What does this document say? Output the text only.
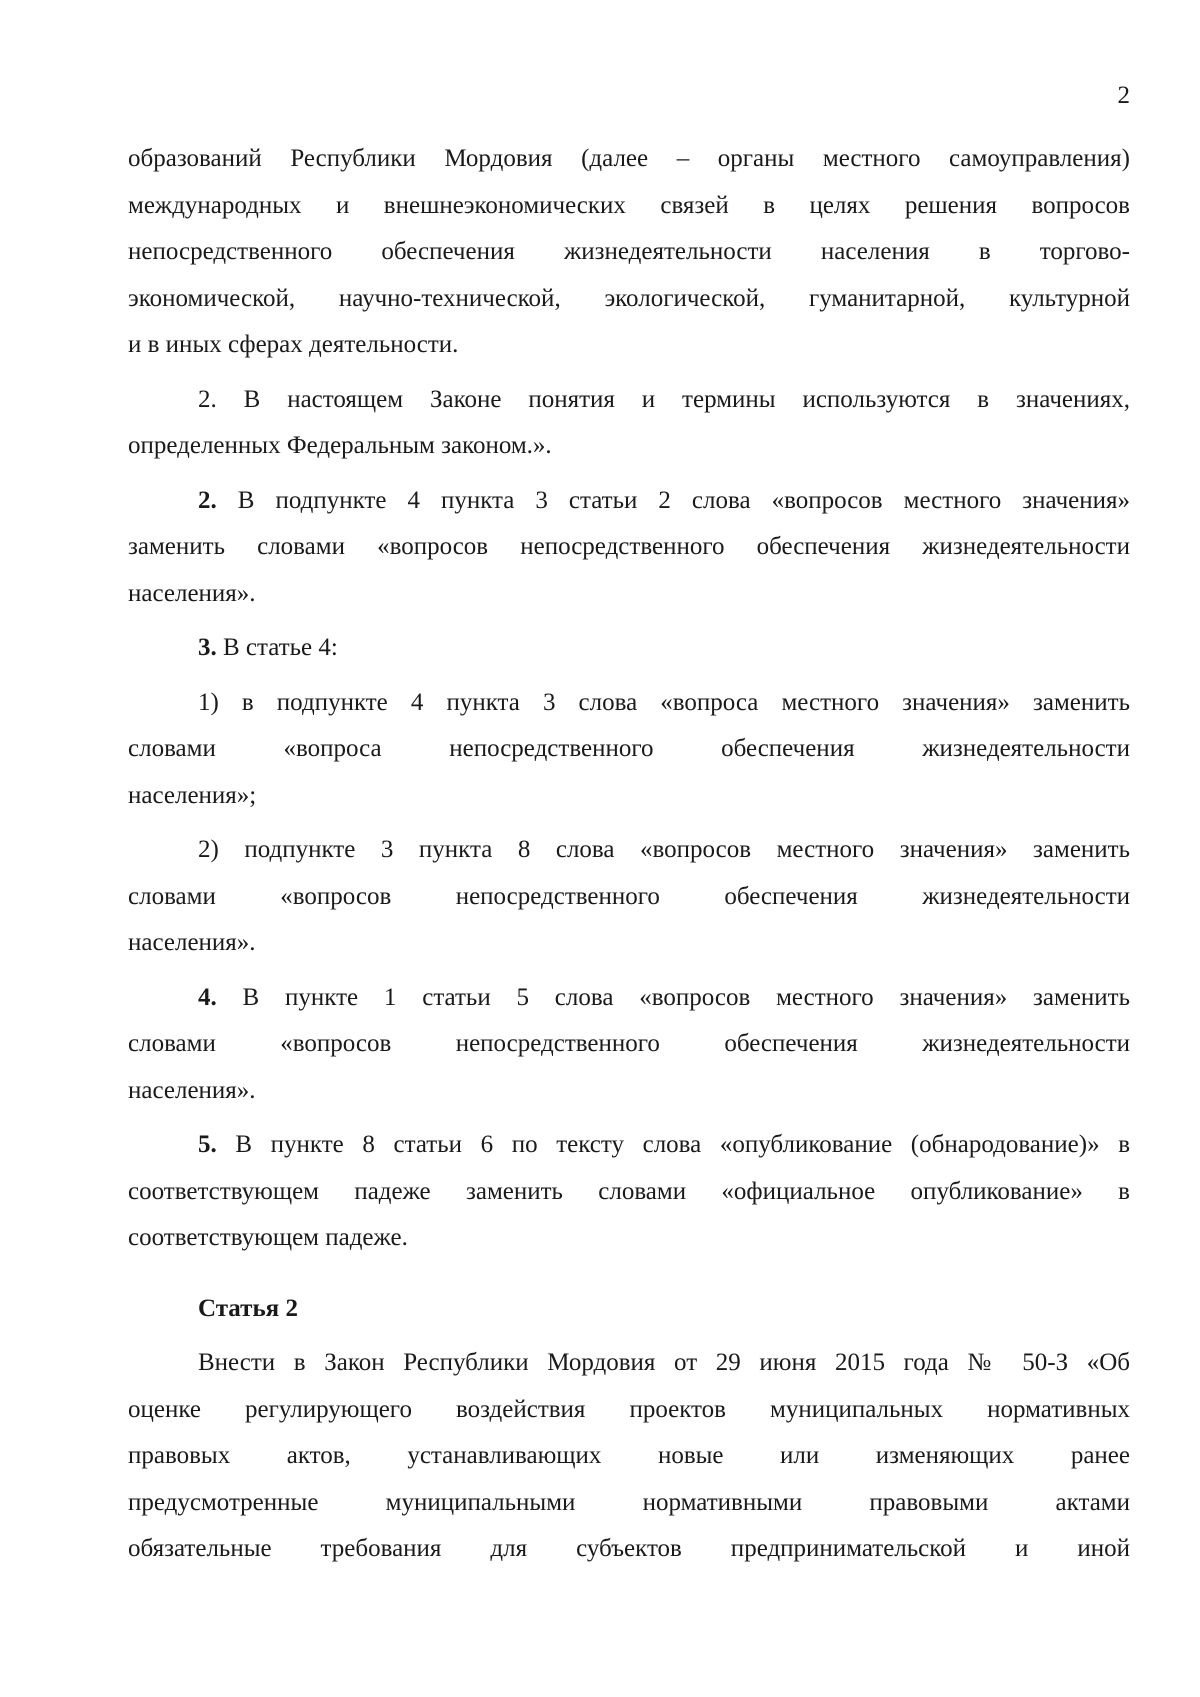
2
образований Республики Мордовия (далее – органы местного самоуправления)
международных и внешнеэкономических связей в целях решения вопросов
непосредственного обеспечения жизнедеятельности населения в торгово-
экономической, научно-технической, экологической, гуманитарной, культурной
и в иных сферах деятельности.
2. В настоящем Законе понятия и термины используются в значениях,
определенных Федеральным законом.».
2. В подпункте 4 пункта 3 статьи 2 слова «вопросов местного значения»
заменить словами «вопросов непосредственного обеспечения жизнедеятельности
населения».
3. В статье 4:
1) в подпункте 4 пункта 3 слова «вопроса местного значения» заменить
словами «вопроса непосредственного обеспечения жизнедеятельности
населения»;
2) подпункте 3 пункта 8 слова «вопросов местного значения» заменить
словами «вопросов непосредственного обеспечения жизнедеятельности
населения».
4. В пункте 1 статьи 5 слова «вопросов местного значения» заменить
словами «вопросов непосредственного обеспечения жизнедеятельности
населения».
5. В пункте 8 статьи 6 по тексту слова «опубликование (обнародование)» в
соответствующем падеже заменить словами «официальное опубликование» в
соответствующем падеже.
Статья 2
Внести в Закон Республики Мордовия от 29 июня 2015 года № 50-З «Об
оценке регулирующего воздействия проектов муниципальных нормативных
правовых актов, устанавливающих новые или изменяющих ранее
предусмотренные муниципальными нормативными правовыми актами
обязательные требования для субъектов предпринимательской и иной
